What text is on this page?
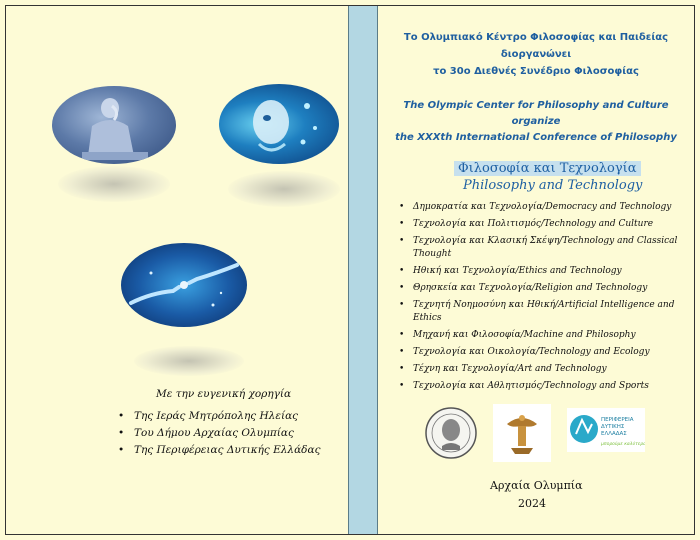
Με την ευγενική χορηγία
• Της Ιεράς Μητρόπολης Ηλείας
• Του Δήμου Αρχαίας Ολυμπίας
• Της Περιφέρειας Δυτικής Ελλάδας
Το Ολυμπιακό Κέντρο Φιλοσοφίας και Παιδείας
διοργανώνει
το 30ο Διεθνές Συνέδριο Φιλοσοφίας
The Olympic Center for Philosophy and Culture
organize
the XXXth International Conference of Philosophy
Φιλοσοφία και Τεχνολογία
Philosophy and Technology
• Δημοκρατία και Τεχνολογία/Democracy and Technology
• Τεχνολογία και Πολιτισμός/Technology and Culture
• Τεχνολογία και Κλασική Σκέψη/Technology and Classical Thought
• Ηθική και Τεχνολογία/Ethics and Technology
• Θρησκεία και Τεχνολογία/Religion and Technology
• Τεχνητή Νοημοσύνη και Ηθική/Artificial Intelligence and Ethics
• Μηχανή και Φιλοσοφία/Machine and Philosophy
• Τεχνολογία και Οικολογία/Technology and Ecology
• Τέχνη και Τεχνολογία/Art and Technology
• Τεχνολογία και Αθλητισμός/Technology and Sports
ΠΕΡΙΦΕΡΕΙΑ
ΔΥΤΙΚΗΣ
ΕΛΛΑΔΑΣ
μπορούμε καλύτερα!
Αρχαία Ολυμπία
2024
